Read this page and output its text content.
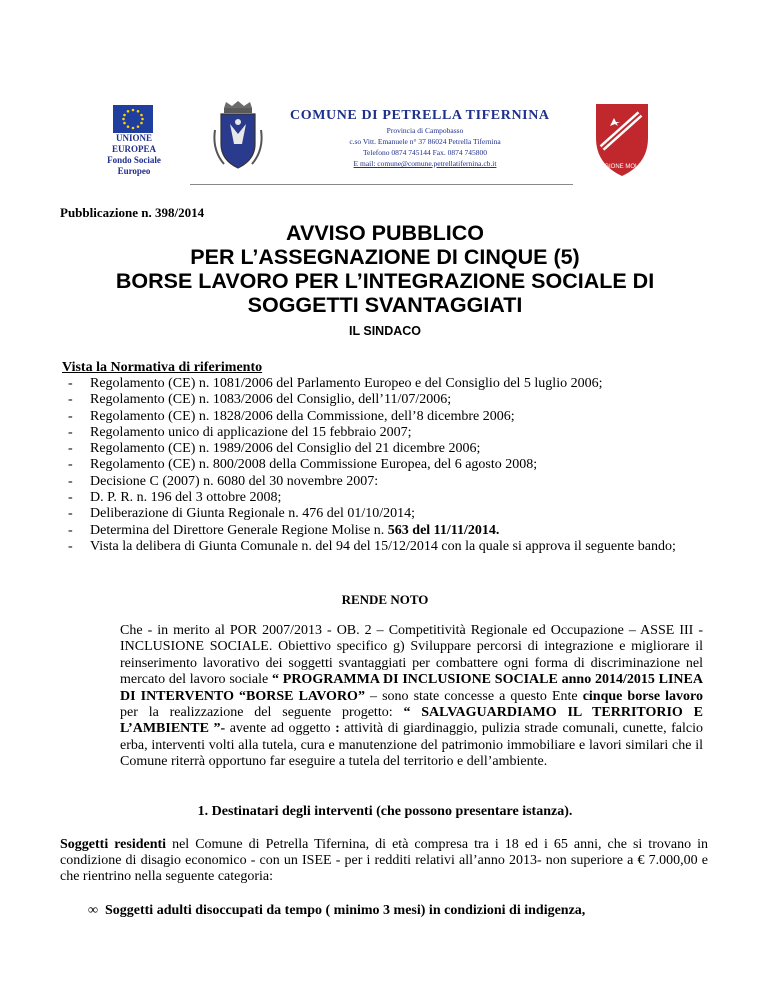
UNIONE
EUROPEA
Fondo Sociale
Europeo
COMUNE DI PETRELLA TIFERNINA
Provincia di Campobasso
c.so Vitt. Emanuele n° 37 86024 Petrella Tifernina
Telefono 0874 745144 Fax. 0874 745800
E mail: comune@comune.petrellatifernina.cb.it	REGIONE MOLISE
Pubblicazione n. 398/2014
AVVISO PUBBLICO
PER L’ASSEGNAZIONE DI CINQUE (5)
BORSE LAVORO PER L’INTEGRAZIONE SOCIALE DI
SOGGETTI SVANTAGGIATI
IL SINDACO
Vista la Normativa di riferimento
- Regolamento (CE) n. 1081/2006 del Parlamento Europeo e del Consiglio del 5 luglio 2006;
- Regolamento (CE) n. 1083/2006 del Consiglio, dell’11/07/2006;
- Regolamento (CE) n. 1828/2006 della Commissione, dell’8 dicembre 2006;
- Regolamento unico di applicazione del 15 febbraio 2007;
- Regolamento (CE) n. 1989/2006 del Consiglio del 21 dicembre 2006;
- Regolamento (CE) n. 800/2008 della Commissione Europea, del 6 agosto 2008;
- Decisione C (2007) n. 6080 del 30 novembre 2007:
- D. P. R. n. 196 del 3 ottobre 2008;
- Deliberazione di Giunta Regionale n. 476 del 01/10/2014;
- Determina del Direttore Generale Regione Molise n. 563 del 11/11/2014.
- Vista la delibera di Giunta Comunale n. del 94 del 15/12/2014 con la quale si approva il seguente bando;
RENDE NOTO
Che - in merito al POR 2007/2013 - OB. 2 – Competitività Regionale ed Occupazione – ASSE III - INCLUSIONE SOCIALE. Obiettivo specifico g) Sviluppare percorsi di integrazione e migliorare il reinserimento lavorativo dei soggetti svantaggiati per combattere ogni forma di discriminazione nel mercato del lavoro sociale “ PROGRAMMA DI INCLUSIONE SOCIALE anno 2014/2015 LINEA DI INTERVENTO “BORSE LAVORO” – sono state concesse a questo Ente cinque borse lavoro per la realizzazione del seguente progetto: “ SALVAGUARDIAMO IL TERRITORIO E L’AMBIENTE ”- avente ad oggetto : attività di giardinaggio, pulizia strade comunali, cunette, falcio erba, interventi volti alla tutela, cura e manutenzione del patrimonio immobiliare e lavori similari che il Comune riterrà opportuno far eseguire a tutela del territorio e dell’ambiente.
1. Destinatari degli interventi (che possono presentare istanza).
Soggetti residenti nel Comune di Petrella Tifernina, di età compresa tra i 18 ed i 65 anni, che si trovano in condizione di disagio economico - con un ISEE - per i redditi relativi all’anno 2013- non superiore a € 7.000,00 e che rientrino nella seguente categoria:
∞ Soggetti adulti disoccupati da tempo ( minimo 3 mesi) in condizioni di indigenza,
